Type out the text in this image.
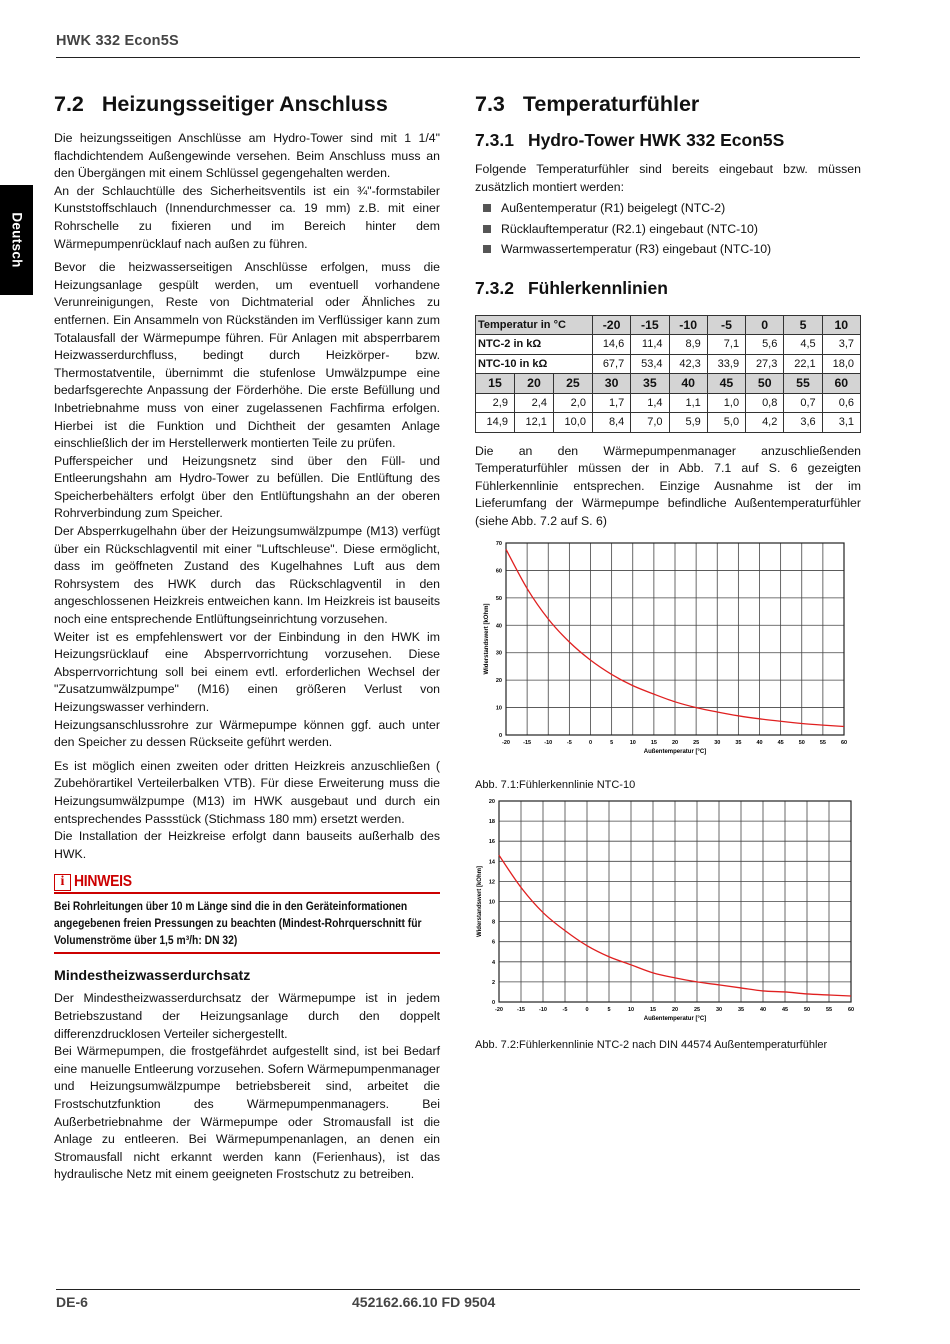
HWK 332 Econ5S
Deutsch
7.2 Heizungsseitiger Anschluss

Die heizungsseitigen Anschlüsse am Hydro-Tower sind mit 1 1/4" flachdichtendem Außengewinde versehen. Beim Anschluss muss an den Übergängen mit einem Schlüssel gegengehalten werden.

An der Schlauchtülle des Sicherheitsventils ist ein ¾"-formstabiler Kunststoffschlauch (Innendurchmesser ca. 19 mm) z.B. mit einer Rohrschelle zu fixieren und im Bereich hinter dem Wärmepumpenrücklauf nach außen zu führen.

Bevor die heizwasserseitigen Anschlüsse erfolgen, muss die Heizungsanlage gespült werden, um eventuell vorhandene Verunreinigungen, Reste von Dichtmaterial oder Ähnliches zu entfernen. Ein Ansammeln von Rückständen im Verflüssiger kann zum Totalausfall der Wärmepumpe führen. Für Anlagen mit absperrbarem Heizwasserdurchfluss, bedingt durch Heizkörper- bzw. Thermostatventile, übernimmt die stufenlose Umwälzpumpe eine bedarfsgerechte Anpassung der Förderhöhe. Die erste Befüllung und Inbetriebnahme muss von einer zugelassenen Fachfirma erfolgen. Hierbei ist die Funktion und Dichtheit der gesamten Anlage einschließlich der im Herstellerwerk montierten Teile zu prüfen.

Pufferspeicher und Heizungsnetz sind über den Füll- und Entleerungshahn am Hydro-Tower zu befüllen. Die Entlüftung des Speicherbehälters erfolgt über den Entlüftungshahn an der oberen Rohrverbindung zum Speicher.

Der Absperrkugelhahn über der Heizungsumwälzpumpe (M13) verfügt über ein Rückschlagventil mit einer "Luftschleuse". Diese ermöglicht, dass im geöffneten Zustand des Kugelhahnes Luft aus dem Rohrsystem des HWK durch das Rückschlagventil in den angeschlossenen Heizkreis entweichen kann. Im Heizkreis ist bauseits noch eine entsprechende Entlüftungseinrichtung vorzusehen.

Weiter ist es empfehlenswert vor der Einbindung in den HWK im Heizungsrücklauf eine Absperrvorrichtung vorzusehen. Diese Absperrvorrichtung soll bei einem evtl. erforderlichen Wechsel der "Zusatzumwälzpumpe" (M16) einen größeren Verlust von Heizungswasser verhindern.

Heizungsanschlussrohre zur Wärmepumpe können ggf. auch unter den Speicher zu dessen Rückseite geführt werden.

Es ist möglich einen zweiten oder dritten Heizkreis anzuschließen ( Zubehörartikel Verteilerbalken VTB). Für diese Erweiterung muss die Heizungsumwälzpumpe (M13) im HWK ausgebaut und durch ein entsprechendes Passstück (Stichmass 180 mm) ersetzt werden.

Die Installation der Heizkreise erfolgt dann bauseits außerhalb des HWK.

i HINWEIS
Bei Rohrleitungen über 10 m Länge sind die in den Geräteinformationen angegebenen freien Pressungen zu beachten (Mindest-Rohrquerschnitt für Volumenströme über 1,5 m³/h: DN 32)
Mindestheizwasserdurchsatz

Der Mindestheizwasserdurchsatz der Wärmepumpe ist in jedem Betriebszustand der Heizungsanlage durch den doppelt differenzdrucklosen Verteiler sichergestellt.

Bei Wärmepumpen, die frostgefährdet aufgestellt sind, ist bei Bedarf eine manuelle Entleerung vorzusehen. Sofern Wärmepumpenmanager und Heizungsumwälzpumpe betriebsbereit sind, arbeitet die Frostschutzfunktion des Wärmepumpenmanagers. Bei Außerbetriebnahme der Wärmepumpe oder Stromausfall ist die Anlage zu entleeren. Bei Wärmepumpenanlagen, an denen ein Stromausfall nicht erkannt werden kann (Ferienhaus), ist das hydraulische Netz mit einem geeigneten Frostschutz zu betreiben.

7.3 Temperaturfühler
7.3.1 Hydro-Tower HWK 332 Econ5S

Folgende Temperaturfühler sind bereits eingebaut bzw. müssen zusätzlich montiert werden:

Außentemperatur (R1) beigelegt (NTC-2)
Rücklauftemperatur (R2.1) eingebaut (NTC-10)
Warmwassertemperatur (R3) eingebaut (NTC-10)
7.3.2 Fühlerkennlinien
Temperatur in °C			-20	-15	-10	-5	0	5	10
NTC-2 in kΩ			14,6	11,4	8,9	7,1	5,6	4,5	3,7
NTC-10 in kΩ			67,7	53,4	42,3	33,9	27,3	22,1	18,0
15	20	25	30	35	40	45	50	55	60
2,9	2,4	2,0	1,7	1,4	1,1	1,0	0,8	0,7	0,6
14,9	12,1	10,0	8,4	7,0	5,9	5,0	4,2	3,6	3,1

Die an den Wärmepumpenmanager anzuschließenden Temperaturfühler müssen der in Abb. 7.1 auf S. 6 gezeigten Fühlerkennlinie entsprechen. Einzige Ausnahme ist der im Lieferumfang der Wärmepumpe befindliche Außentemperaturfühler (siehe Abb. 7.2 auf S. 6)

-20 -15 -10	-5	0	5	10	15	20	25	30	35	40	45	50	55	60
0
10
20
30
40
50
60
70
Außentemperatur [°C]
Widerstandswert [kOhm]
Abb. 7.1:Fühlerkennlinie NTC-10
-20	-15	-10	-5	0	5	10	15	20	25	30	35	40	45	50	55	60
0
2
4
6
8
10
12
14
16
18
20
Außentemperatur [°C]
Widerstandswert [kOhm]
Abb. 7.2:Fühlerkennlinie NTC-2 nach DIN 44574 Außentemperaturfühler
DE-6	452162.66.10 FD 9504
